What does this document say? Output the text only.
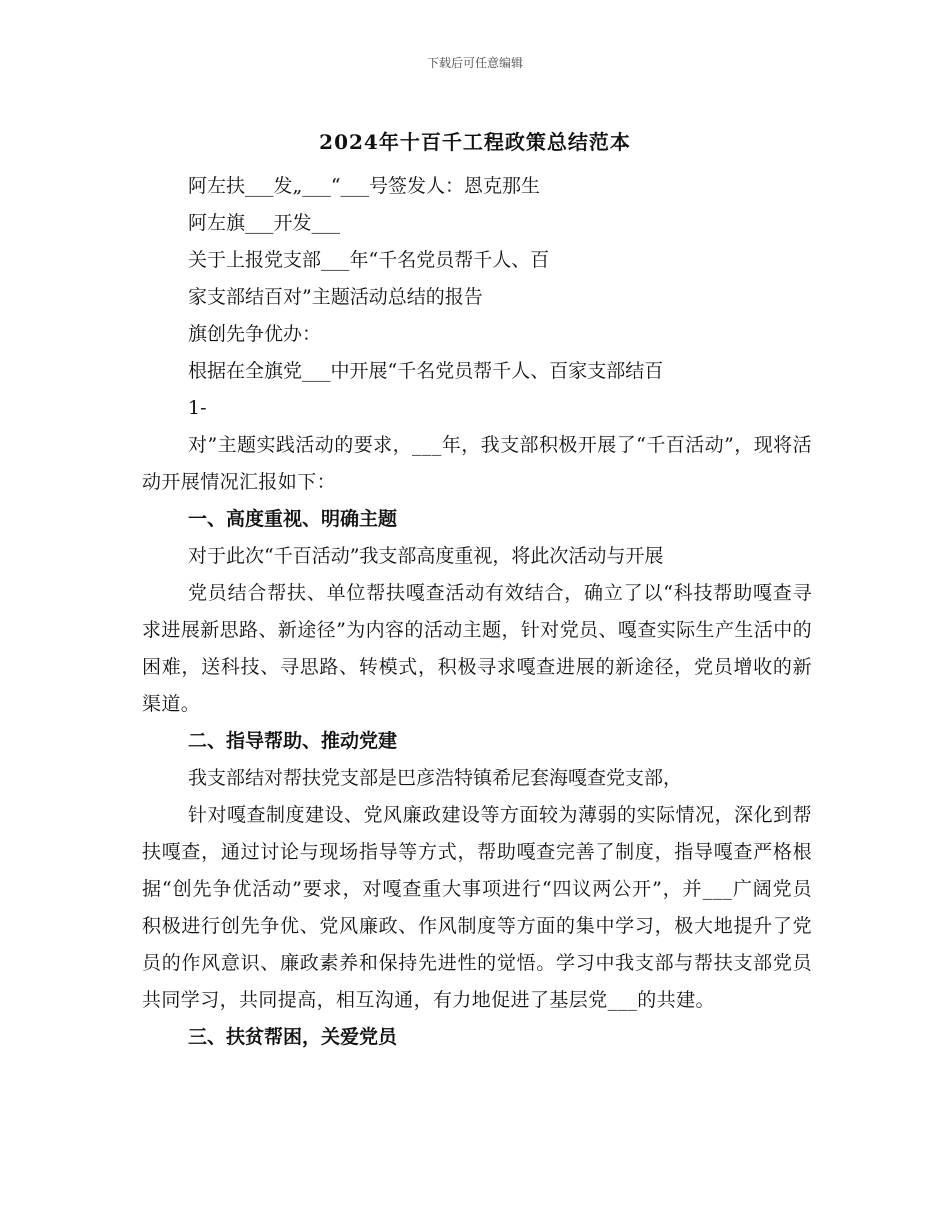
下载后可任意编辑
2024年十百千工程政策总结范本

阿左扶___发„___“___号签发人：恩克那生

阿左旗___开发___

关于上报党支部___年“千名党员帮千人、百

家支部结百对”主题活动总结的报告

旗创先争优办：

根据在全旗党___中开展“千名党员帮千人、百家支部结百

1-

对”主题实践活动的要求，___年，我支部积极开展了“千百活动”，现将活动开展情况汇报如下：

一、高度重视、明确主题

对于此次“千百活动”我支部高度重视，将此次活动与开展

党员结合帮扶、单位帮扶嘎查活动有效结合，确立了以“科技帮助嘎查寻求进展新思路、新途径”为内容的活动主题，针对党员、嘎查实际生产生活中的困难，送科技、寻思路、转模式，积极寻求嘎查进展的新途径，党员增收的新渠道。

二、指导帮助、推动党建

我支部结对帮扶党支部是巴彦浩特镇希尼套海嘎查党支部，

针对嘎查制度建设、党风廉政建设等方面较为薄弱的实际情况，深化到帮扶嘎查，通过讨论与现场指导等方式，帮助嘎查完善了制度，指导嘎查严格根据“创先争优活动”要求，对嘎查重大事项进行“四议两公开”，并___广阔党员积极进行创先争优、党风廉政、作风制度等方面的集中学习，极大地提升了党员的作风意识、廉政素养和保持先进性的觉悟。学习中我支部与帮扶支部党员共同学习，共同提高，相互沟通，有力地促进了基层党___的共建。

三、扶贫帮困，关爱党员
